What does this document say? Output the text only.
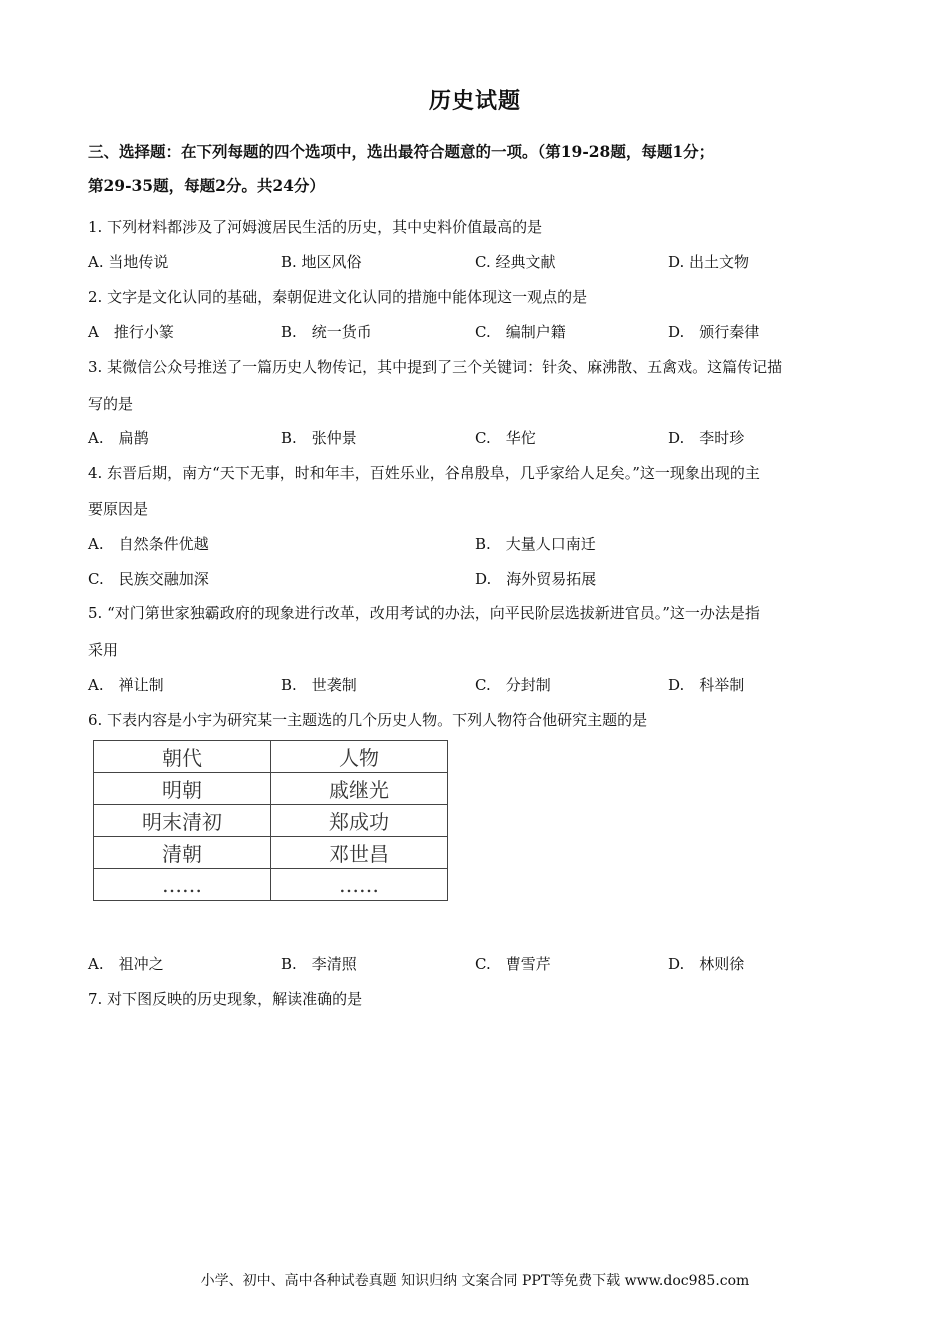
历史试题
三、选择题：在下列每题的四个选项中，选出最符合题意的一项。（第19-28题，每题1分；
第29-35题，每题2分。共24分）
1. 下列材料都涉及了河姆渡居民生活的历史，其中史料价值最高的是
A. 当地传说	B. 地区风俗	C. 经典文献	D. 出土文物
2. 文字是文化认同的基础，秦朝促进文化认同的措施中能体现这一观点的是
A　推行小篆	B.　统一货币	C.　编制户籍	D.　颁行秦律
3. 某微信公众号推送了一篇历史人物传记，其中提到了三个关键词：针灸、麻沸散、五禽戏。这篇传记描
写的是
A.　扁鹊	B.　张仲景	C.　华佗	D.　李时珍
4. 东晋后期，南方“天下无事，时和年丰，百姓乐业，谷帛殷阜，几乎家给人足矣。”这一现象出现的主
要原因是
A.　自然条件优越	B.　大量人口南迁
C.　民族交融加深	D.　海外贸易拓展
5. “对门第世家独霸政府的现象进行改革，改用考试的办法，向平民阶层选拔新进官员。”这一办法是指
采用
A.　禅让制	B.　世袭制	C.　分封制	D.　科举制
6. 下表内容是小宇为研究某一主题选的几个历史人物。下列人物符合他研究主题的是
朝代	人物
明朝	戚继光
明末清初	郑成功
清朝	邓世昌
……	……
A.　祖冲之	B.　李清照	C.　曹雪芹	D.　林则徐
7. 对下图反映的历史现象，解读准确的是
小学、初中、高中各种试卷真题 知识归纳 文案合同 PPT等免费下载 www.doc985.com
